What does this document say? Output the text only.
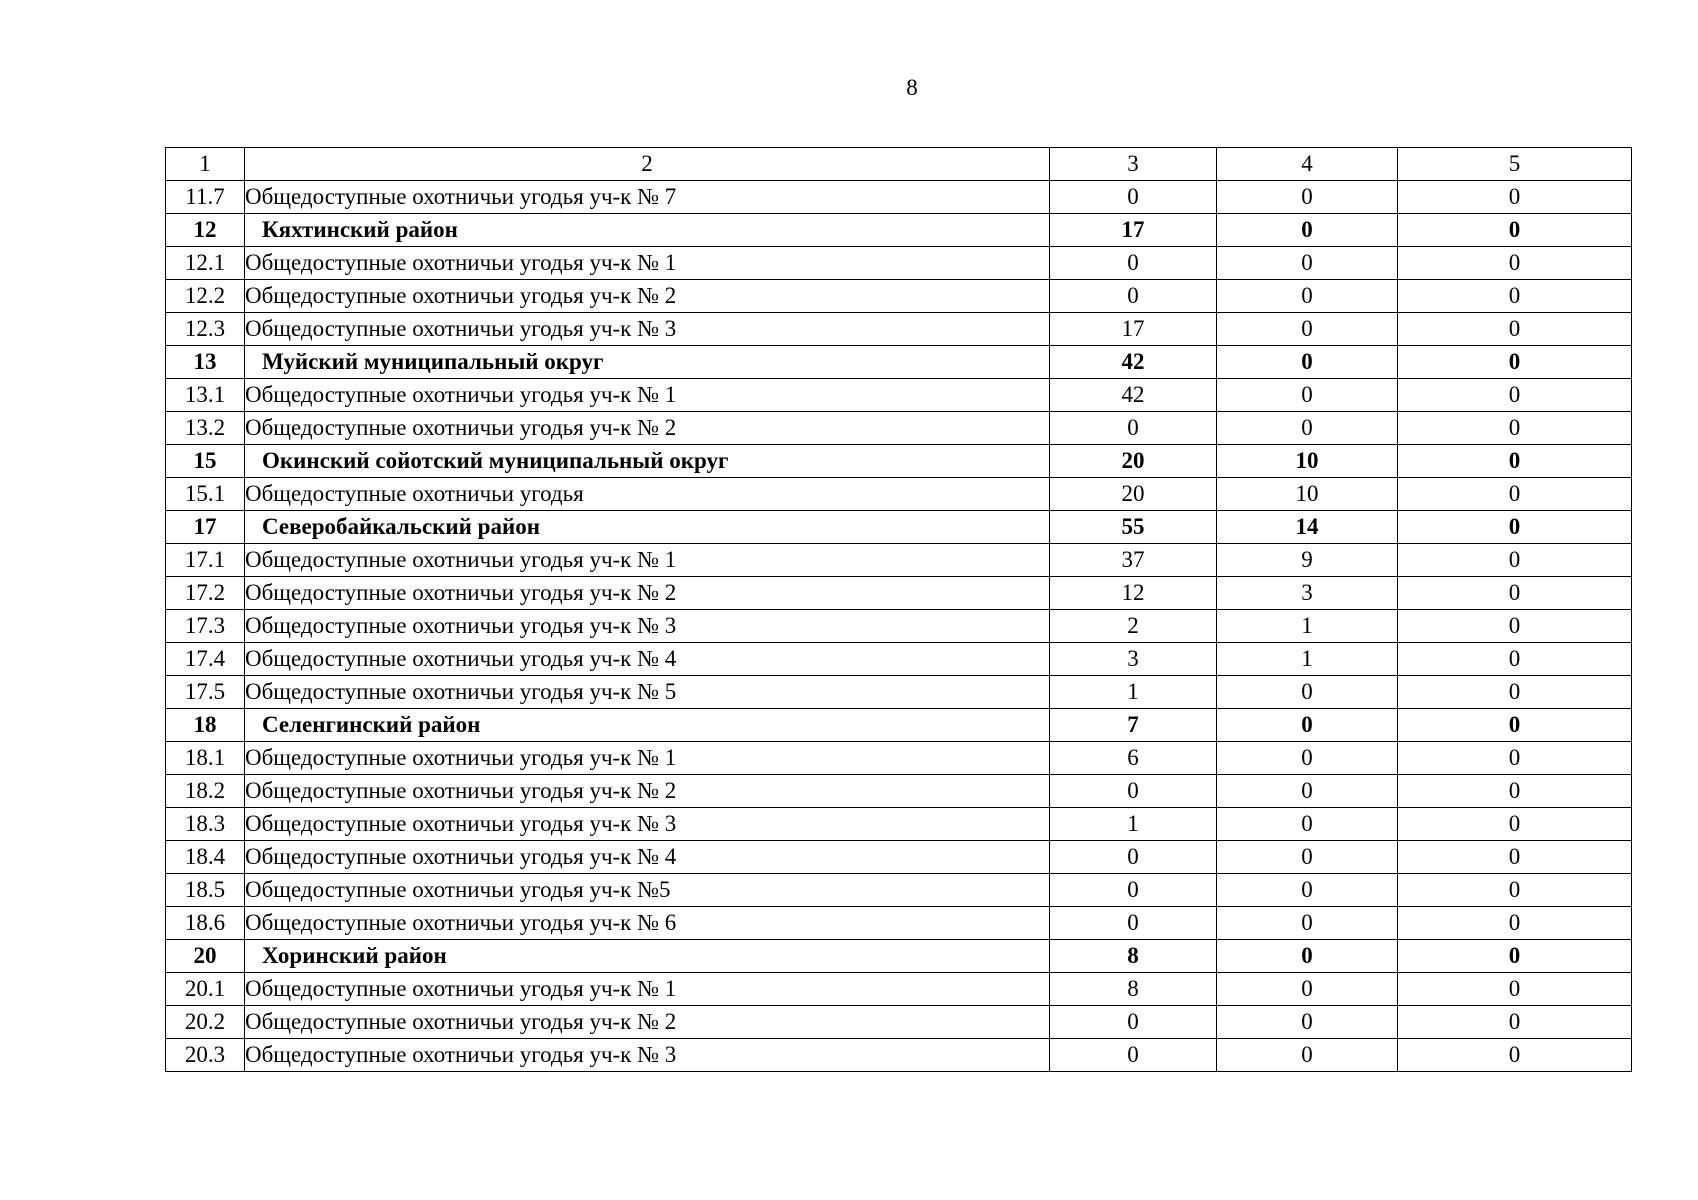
8
1	2	3	4	5
11.7	Общедоступные охотничьи угодья уч-к № 7	0	0	0
12	Кяхтинский район	17	0	0
12.1	Общедоступные охотничьи угодья уч-к № 1	0	0	0
12.2	Общедоступные охотничьи угодья уч-к № 2	0	0	0
12.3	Общедоступные охотничьи угодья уч-к № 3	17	0	0
13	Муйский муниципальный округ	42	0	0
13.1	Общедоступные охотничьи угодья уч-к № 1	42	0	0
13.2	Общедоступные охотничьи угодья уч-к № 2	0	0	0
15	Окинский сойотский муниципальный округ	20	10	0
15.1	Общедоступные охотничьи угодья	20	10	0
17	Северобайкальский район	55	14	0
17.1	Общедоступные охотничьи угодья уч-к № 1	37	9	0
17.2	Общедоступные охотничьи угодья уч-к № 2	12	3	0
17.3	Общедоступные охотничьи угодья уч-к № 3	2	1	0
17.4	Общедоступные охотничьи угодья уч-к № 4	3	1	0
17.5	Общедоступные охотничьи угодья уч-к № 5	1	0	0
18	Селенгинский район	7	0	0
18.1	Общедоступные охотничьи угодья уч-к № 1	6	0	0
18.2	Общедоступные охотничьи угодья уч-к № 2	0	0	0
18.3	Общедоступные охотничьи угодья уч-к № 3	1	0	0
18.4	Общедоступные охотничьи угодья уч-к № 4	0	0	0
18.5	Общедоступные охотничьи угодья уч-к №5	0	0	0
18.6	Общедоступные охотничьи угодья уч-к № 6	0	0	0
20	Хоринский район	8	0	0
20.1	Общедоступные охотничьи угодья уч-к № 1	8	0	0
20.2	Общедоступные охотничьи угодья уч-к № 2	0	0	0
20.3	Общедоступные охотничьи угодья уч-к № 3	0	0	0
